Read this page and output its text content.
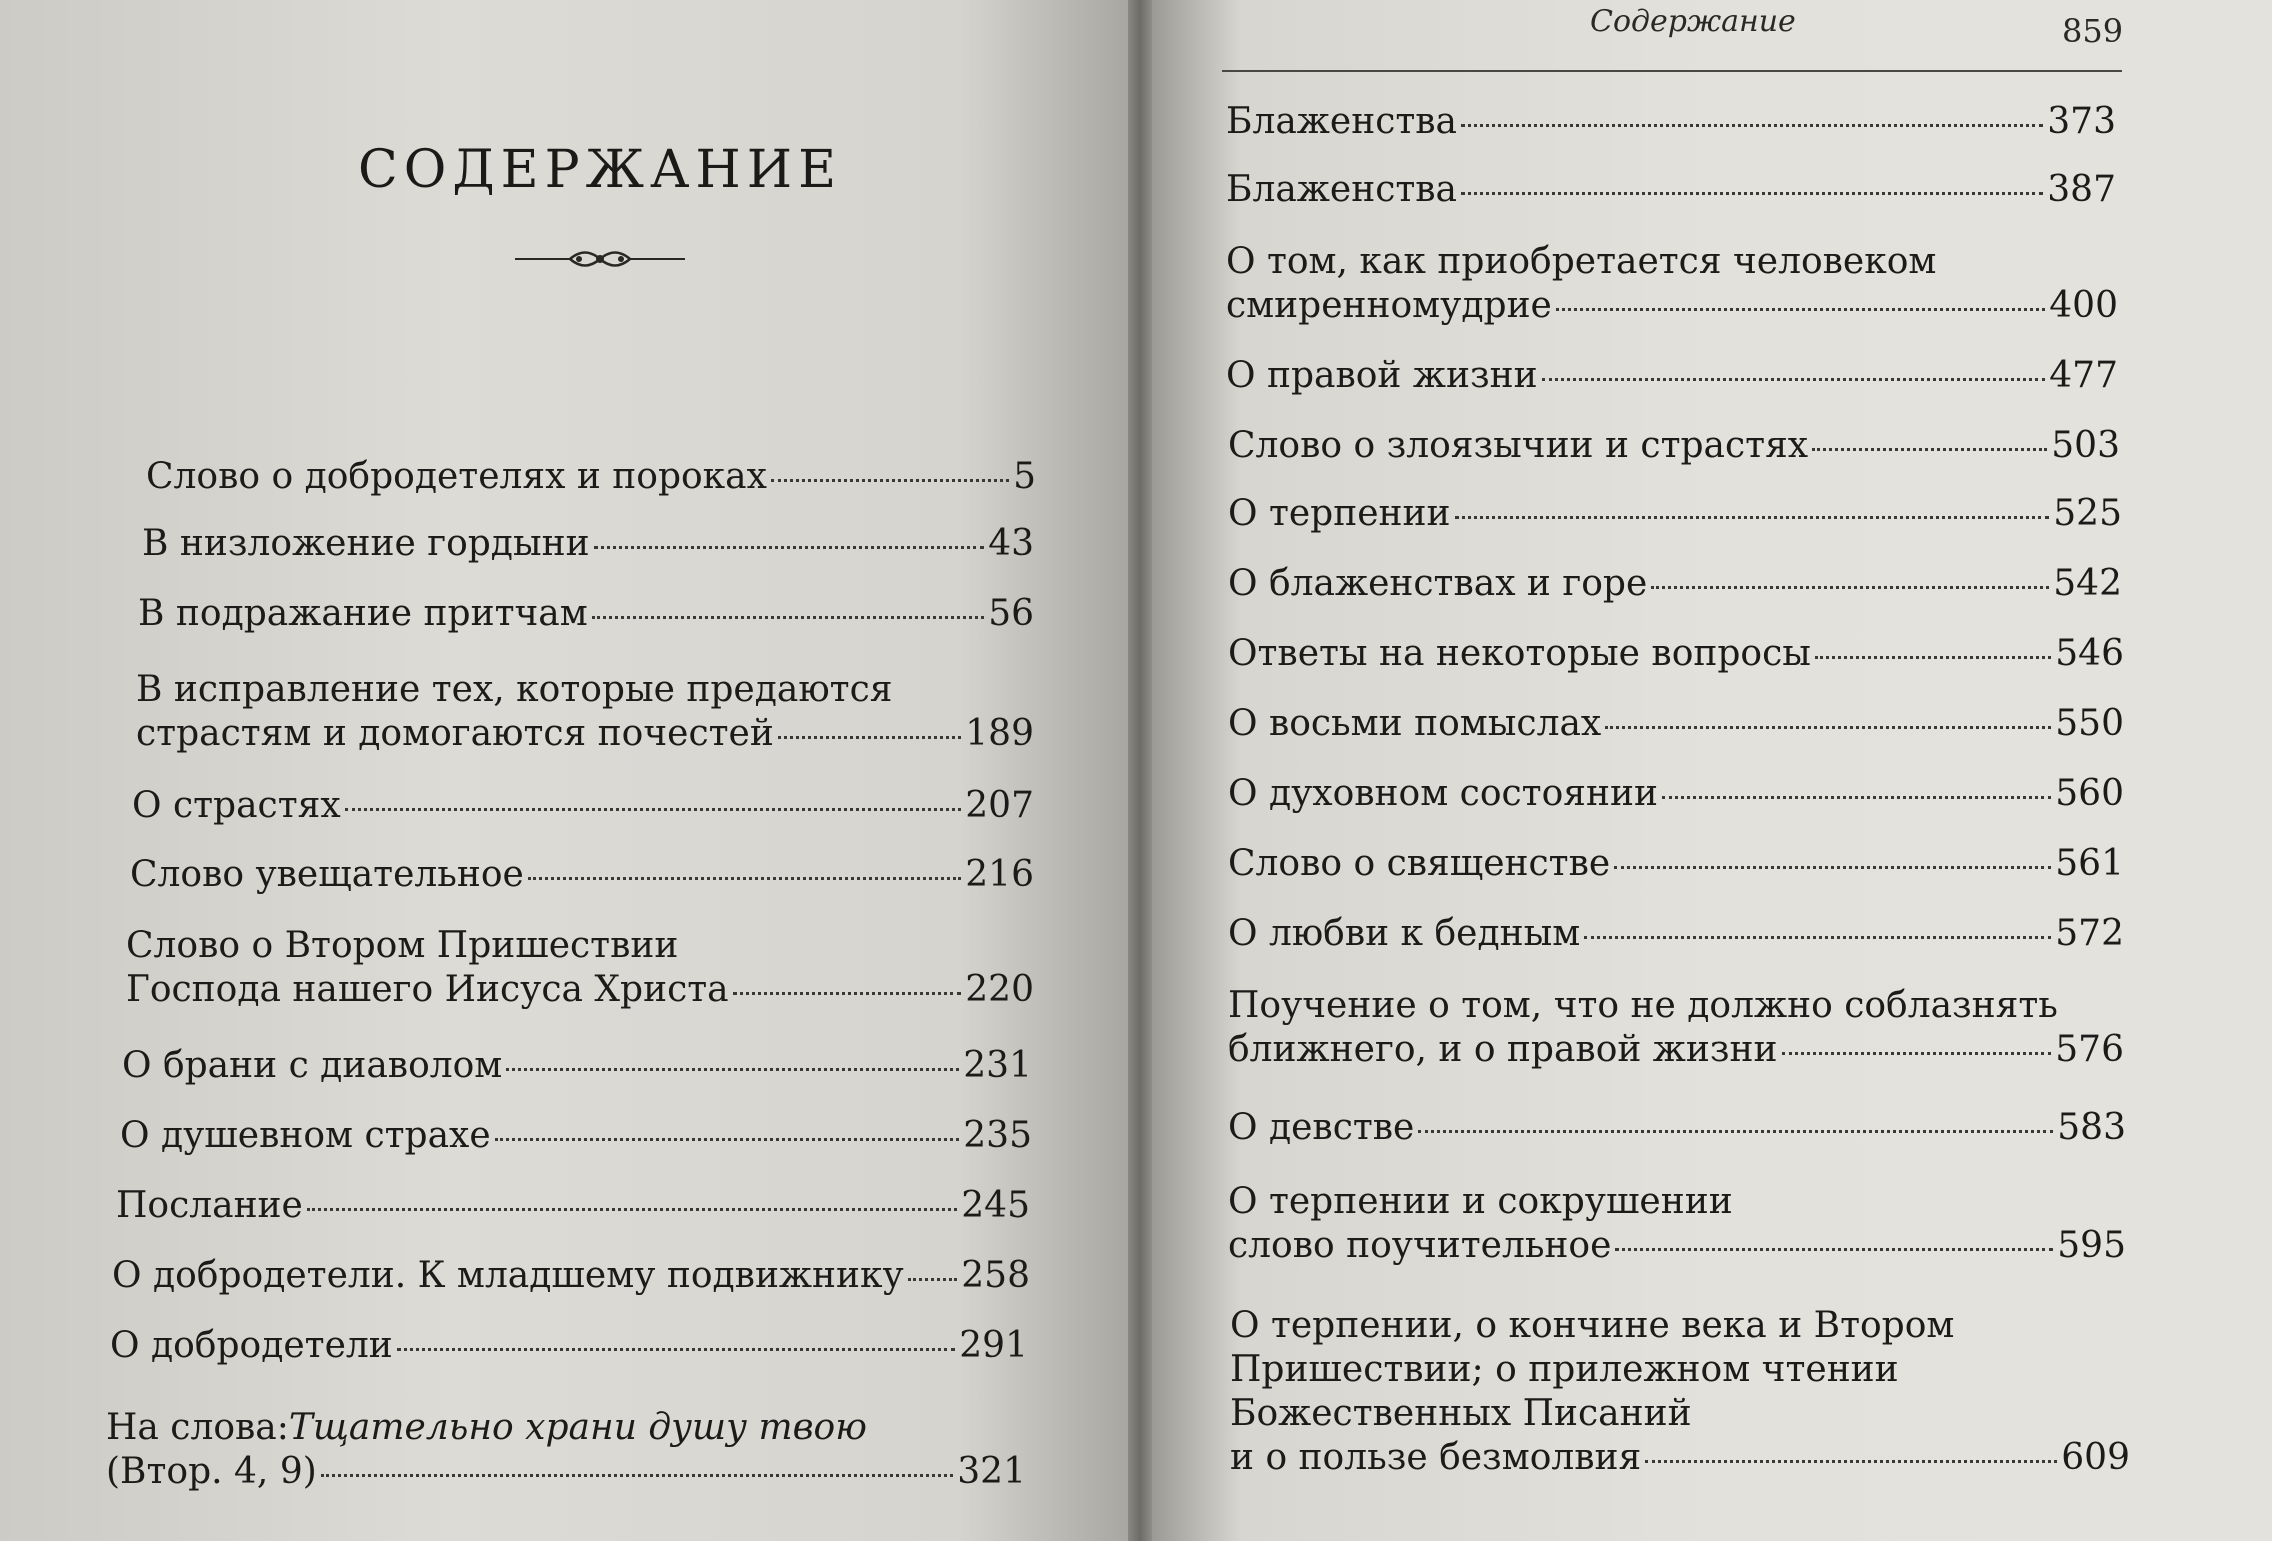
СОДЕРЖАНИЕ
Слово о добродетелях и пороках	5
В низложение гордыни	43
В подражание притчам	56
В исправление тех, которые предаются
страстям и домогаются почестей	189
О страстях	207
Слово увещательное	216
Слово о Втором Пришествии
Господа нашего Иисуса Христа	220
О брани с диаволом	231
О душевном страхе	235
Послание	245
О добродетели. К младшему подвижнику 258
О добродетели	291
На слова: Тщательно храни душу твою
(Втор. 4, 9)	321
Содержание	859
Блаженства	373
Блаженства	387
О том, как приобретается человеком
смиренномудрие	400
О правой жизни	477
Слово о злоязычии и страстях	503
О терпении	525
О блаженствах и горе	542
Ответы на некоторые вопросы	546
О восьми помыслах	550
О духовном состоянии	560
Слово о священстве	561
О любви к бедным	572
Поучение о том, что не должно соблазнять
ближнего, и о правой жизни	576
О девстве	583
О терпении и сокрушении
слово поучительное	595
О терпении, о кончине века и Втором
Пришествии; о прилежном чтении
Божественных Писаний
и о пользе безмолвия	609
